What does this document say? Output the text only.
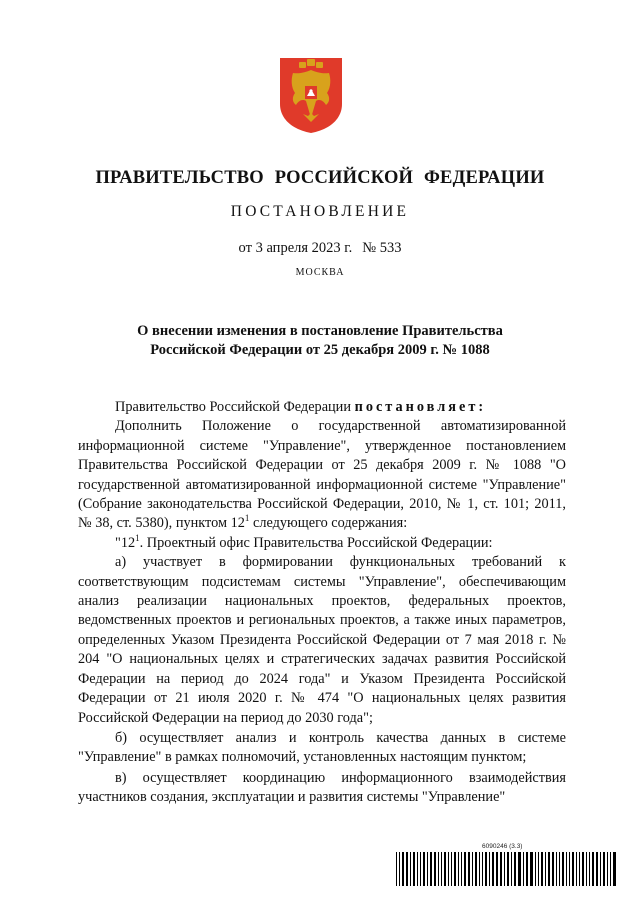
ПРАВИТЕЛЬСТВО РОССИЙСКОЙ ФЕДЕРАЦИИ
ПОСТАНОВЛЕНИЕ
от 3 апреля 2023 г. № 533
МОСКВА
О внесении изменения в постановление Правительства
Российской Федерации от 25 декабря 2009 г. № 1088

Правительство Российской Федерации постановляет:

Дополнить Положение о государственной автоматизированной информационной системе "Управление", утвержденное постановлением Правительства Российской Федерации от 25 декабря 2009 г. № 1088 "О государственной автоматизированной информационной системе "Управление" (Собрание законодательства Российской Федерации, 2010, № 1, ст. 101; 2011, № 38, ст. 5380), пунктом $12^1$ следующего содержания:

"$12^1$. Проектный офис Правительства Российской Федерации:

а) участвует в формировании функциональных требований к соответствующим подсистемам системы "Управление", обеспечивающим анализ реализации национальных проектов, федеральных проектов, ведомственных проектов и региональных проектов, а также иных параметров, определенных Указом Президента Российской Федерации от 7 мая 2018 г. № 204 "О национальных целях и стратегических задачах развития Российской Федерации на период до 2024 года" и Указом Президента Российской Федерации от 21 июля 2020 г. № 474 "О национальных целях развития Российской Федерации на период до 2030 года";

б) осуществляет анализ и контроль качества данных в системе "Управление" в рамках полномочий, установленных настоящим пунктом;

в) осуществляет координацию информационного взаимодействия участников создания, эксплуатации и развития системы "Управление"

6090246 (3.3)
